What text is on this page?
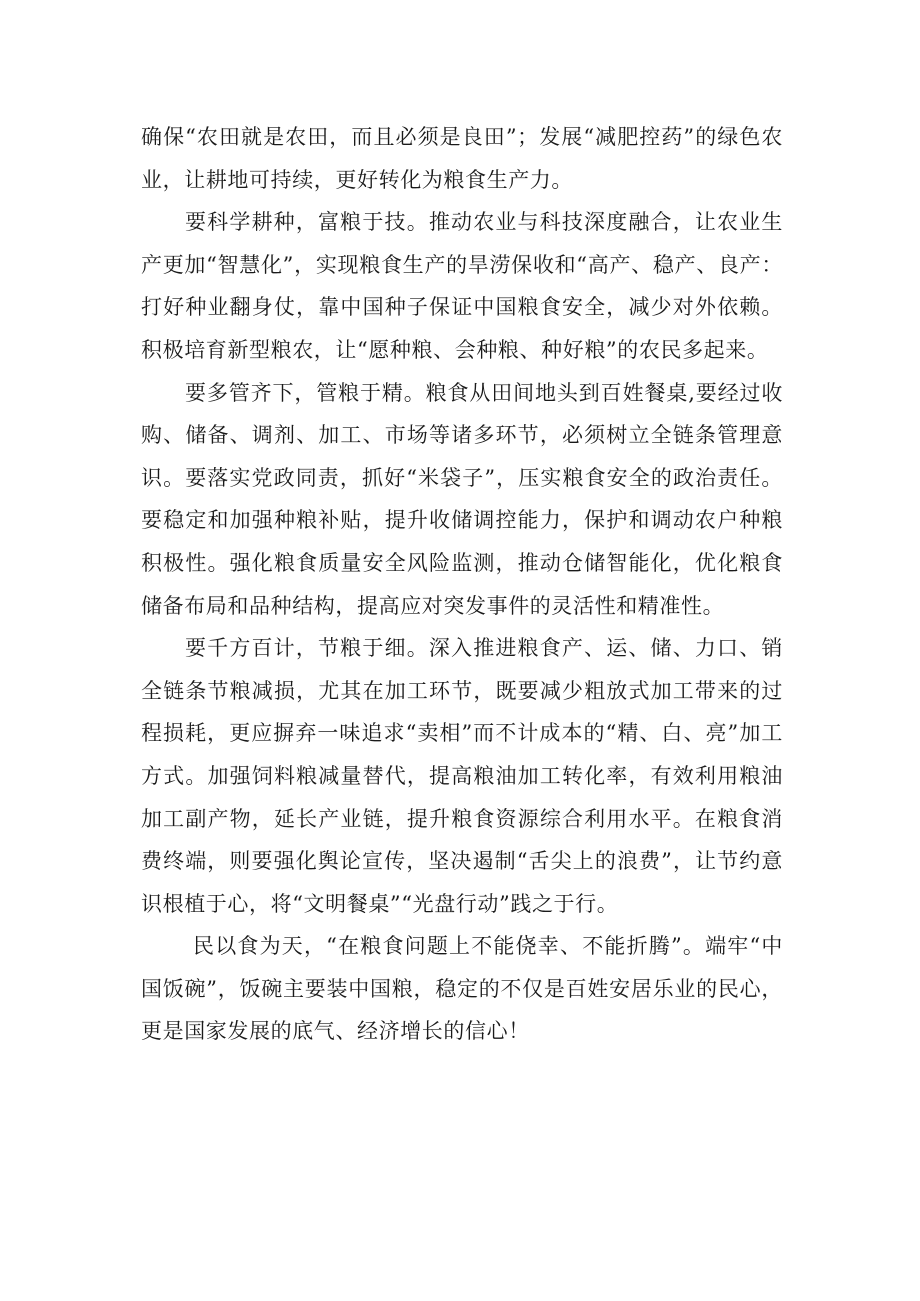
确保“农田就是农田，而且必须是良田”；发展“减肥控药”的绿色农业，让耕地可持续，更好转化为粮食生产力。

要科学耕种，富粮于技。推动农业与科技深度融合，让农业生产更加“智慧化”，实现粮食生产的旱涝保收和“高产、稳产、良产：打好种业翻身仗，靠中国种子保证中国粮食安全，减少对外依赖。积极培育新型粮农，让“愿种粮、会种粮、种好粮”的农民多起来。

要多管齐下，管粮于精。粮食从田间地头到百姓餐桌,要经过收购、储备、调剂、加工、市场等诸多环节，必须树立全链条管理意识。要落实党政同责，抓好“米袋子”，压实粮食安全的政治责任。要稳定和加强种粮补贴，提升收储调控能力，保护和调动农户种粮积极性。强化粮食质量安全风险监测，推动仓储智能化，优化粮食储备布局和品种结构，提高应对突发事件的灵活性和精准性。

要千方百计，节粮于细。深入推进粮食产、运、储、力口、销全链条节粮减损，尤其在加工环节，既要减少粗放式加工带来的过程损耗，更应摒弃一味追求“卖相”而不计成本的“精、白、亮”加工方式。加强饲料粮减量替代，提高粮油加工转化率，有效利用粮油加工副产物，延长产业链，提升粮食资源综合利用水平。在粮食消费终端，则要强化舆论宣传，坚决遏制“舌尖上的浪费”，让节约意识根植于心，将“文明餐桌”“光盘行动”践之于行。

民以食为天，“在粮食问题上不能侥幸、不能折腾”。端牢“中国饭碗”，饭碗主要装中国粮，稳定的不仅是百姓安居乐业的民心，更是国家发展的底气、经济增长的信心！
